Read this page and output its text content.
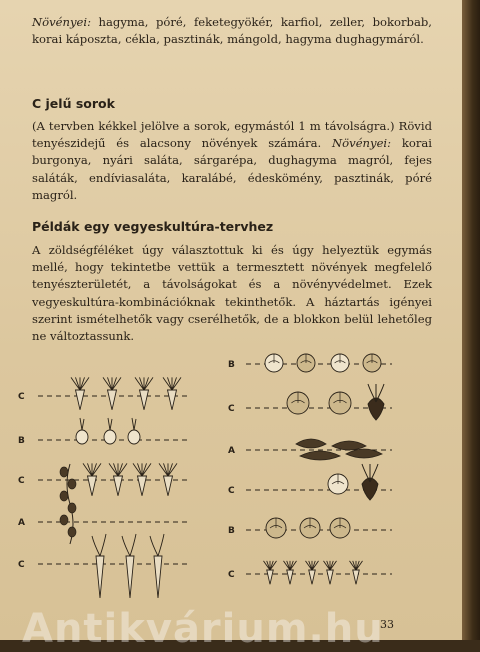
Növényei: hagyma, póré, feketegyökér, karfiol, zeller, bokorbab, korai káposzta, cékla, pasztinák, mángold, hagyma dughagymáról.
C jelű sorok
(A tervben kékkel jelölve a sorok, egymástól 1 m távolságra.) Rövid tenyészidejű és alacsony növények számára. Növényei: korai burgonya, nyári saláta, sárgarépa, dughagyma magról, fejes saláták, endíviasaláta, karalábé, édeskömény, pasztinák, póré magról.
Példák egy vegyeskultúra-tervhez
A zöldségféléket úgy választottuk ki és úgy helyeztük egymás mellé, hogy tekintetbe vettük a termesztett növények megfelelő tenyészterületét, a távolságokat és a növényvédelmet. Ezek vegyeskultúra-kombinációknak tekinthetők. A háztartás igényei szerint ismételhetők vagy cserélhetők, de a blokkon belül lehetőleg ne változtassunk.
C
B
C
A
C
B
C
A
C
B
C
33
Antikvárium.hu
